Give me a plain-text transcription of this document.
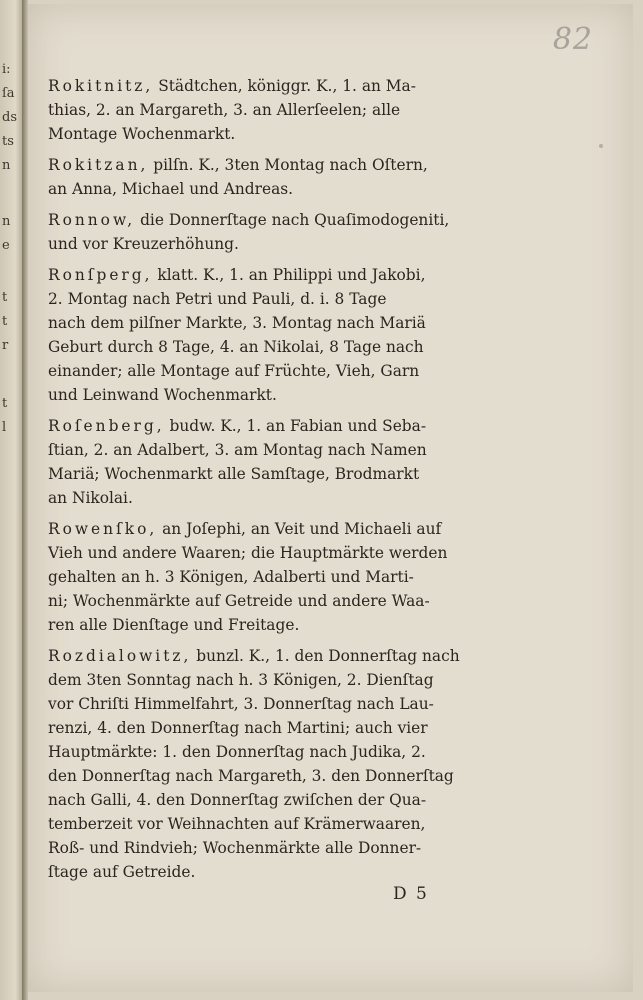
i:
ſa
ds
ts
n
n
e
t
t
r
t
l
82

Rokitnitz, Städtchen, königgr. K., 1. an Ma-
thias, 2. an Margareth, 3. an Allerſeelen; alle
Montage Wochenmarkt.

Rokitzan, pilſn. K., 3ten Montag nach Oſtern,
an Anna, Michael und Andreas.

Ronnow, die Donnerſtage nach Quaſimodogeniti,
und vor Kreuzerhöhung.

Ronſperg, klatt. K., 1. an Philippi und Jakobi,
2. Montag nach Petri und Pauli, d. i. 8 Tage
nach dem pilſner Markte, 3. Montag nach Mariä
Geburt durch 8 Tage, 4. an Nikolai, 8 Tage nach
einander; alle Montage auf Früchte, Vieh, Garn
und Leinwand Wochenmarkt.

Roſenberg, budw. K., 1. an Fabian und Seba-
ſtian, 2. an Adalbert, 3. am Montag nach Namen
Mariä; Wochenmarkt alle Samſtage, Brodmarkt
an Nikolai.

Rowenſko, an Joſephi, an Veit und Michaeli auf
Vieh und andere Waaren; die Hauptmärkte werden
gehalten an h. 3 Königen, Adalberti und Marti-
ni; Wochenmärkte auf Getreide und andere Waa-
ren alle Dienſtage und Freitage.

Rozdialowitz, bunzl. K., 1. den Donnerſtag nach
dem 3ten Sonntag nach h. 3 Königen, 2. Dienſtag
vor Chriſti Himmelfahrt, 3. Donnerſtag nach Lau-
renzi, 4. den Donnerſtag nach Martini; auch vier
Hauptmärkte: 1. den Donnerſtag nach Judika, 2.
den Donnerſtag nach Margareth, 3. den Donnerſtag
nach Galli, 4. den Donnerſtag zwiſchen der Qua-
temberzeit vor Weihnachten auf Krämerwaaren,
Roß- und Rindvieh; Wochenmärkte alle Donner-
ſtage auf Getreide.

D 5
